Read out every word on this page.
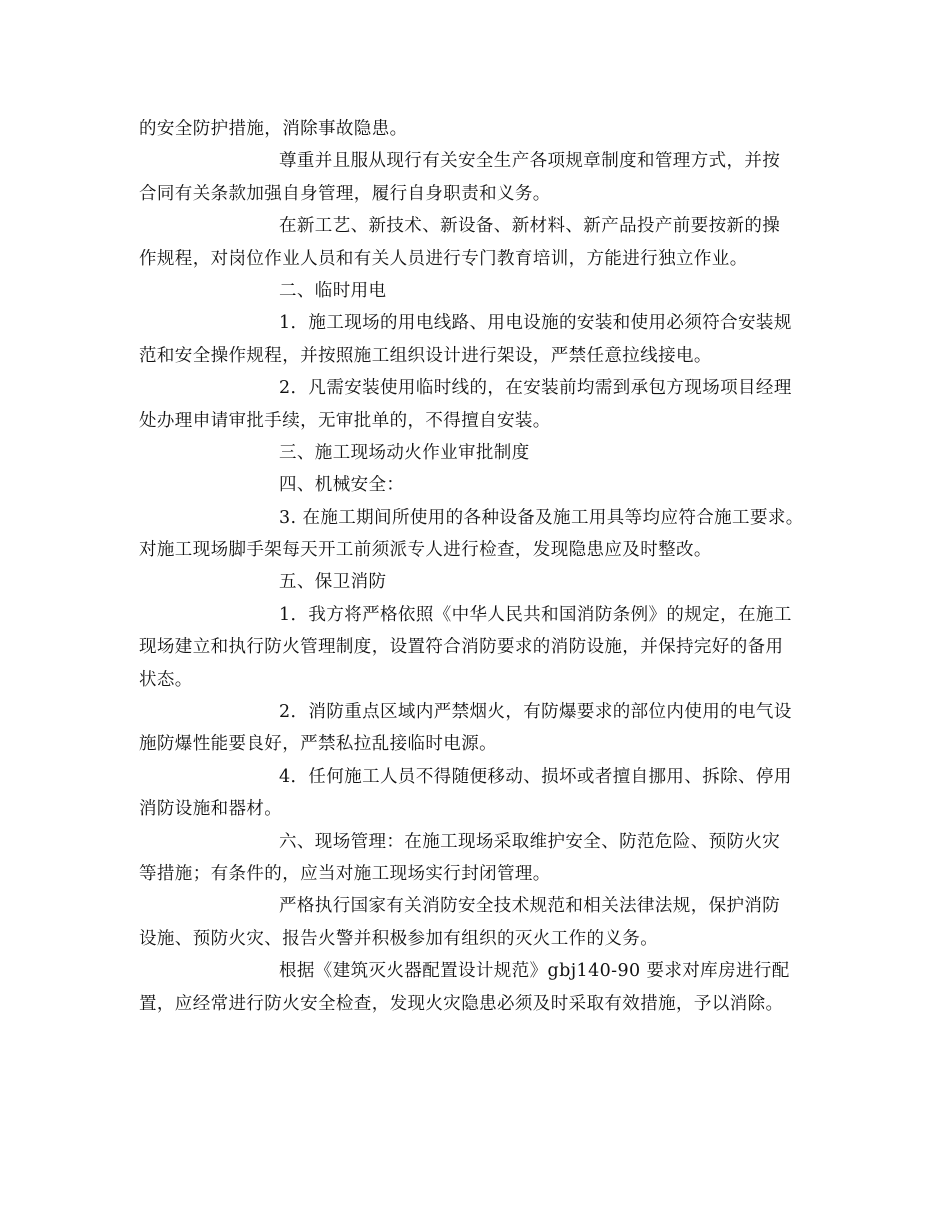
的安全防护措施，消除事故隐患。
尊重并且服从现行有关安全生产各项规章制度和管理方式，并按
合同有关条款加强自身管理，履行自身职责和义务。
在新工艺、新技术、新设备、新材料、新产品投产前要按新的操
作规程，对岗位作业人员和有关人员进行专门教育培训，方能进行独立作业。
二、临时用电
1．施工现场的用电线路、用电设施的安装和使用必须符合安装规
范和安全操作规程，并按照施工组织设计进行架设，严禁任意拉线接电。
2．凡需安装使用临时线的，在安装前均需到承包方现场项目经理
处办理申请审批手续，无审批单的，不得擅自安装。
三、施工现场动火作业审批制度
四、机械安全：
3. 在施工期间所使用的各种设备及施工用具等均应符合施工要求。
对施工现场脚手架每天开工前须派专人进行检查，发现隐患应及时整改。
五、保卫消防
1．我方将严格依照《中华人民共和国消防条例》的规定，在施工
现场建立和执行防火管理制度，设置符合消防要求的消防设施，并保持完好的备用
状态。
2．消防重点区域内严禁烟火，有防爆要求的部位内使用的电气设
施防爆性能要良好，严禁私拉乱接临时电源。
4．任何施工人员不得随便移动、损坏或者擅自挪用、拆除、停用
消防设施和器材。
六、现场管理：在施工现场采取维护安全、防范危险、预防火灾
等措施；有条件的，应当对施工现场实行封闭管理。
严格执行国家有关消防安全技术规范和相关法律法规，保护消防
设施、预防火灾、报告火警并积极参加有组织的灭火工作的义务。
根据《建筑灭火器配置设计规范》gbj140-90 要求对库房进行配
置，应经常进行防火安全检查，发现火灾隐患必须及时采取有效措施，予以消除。
